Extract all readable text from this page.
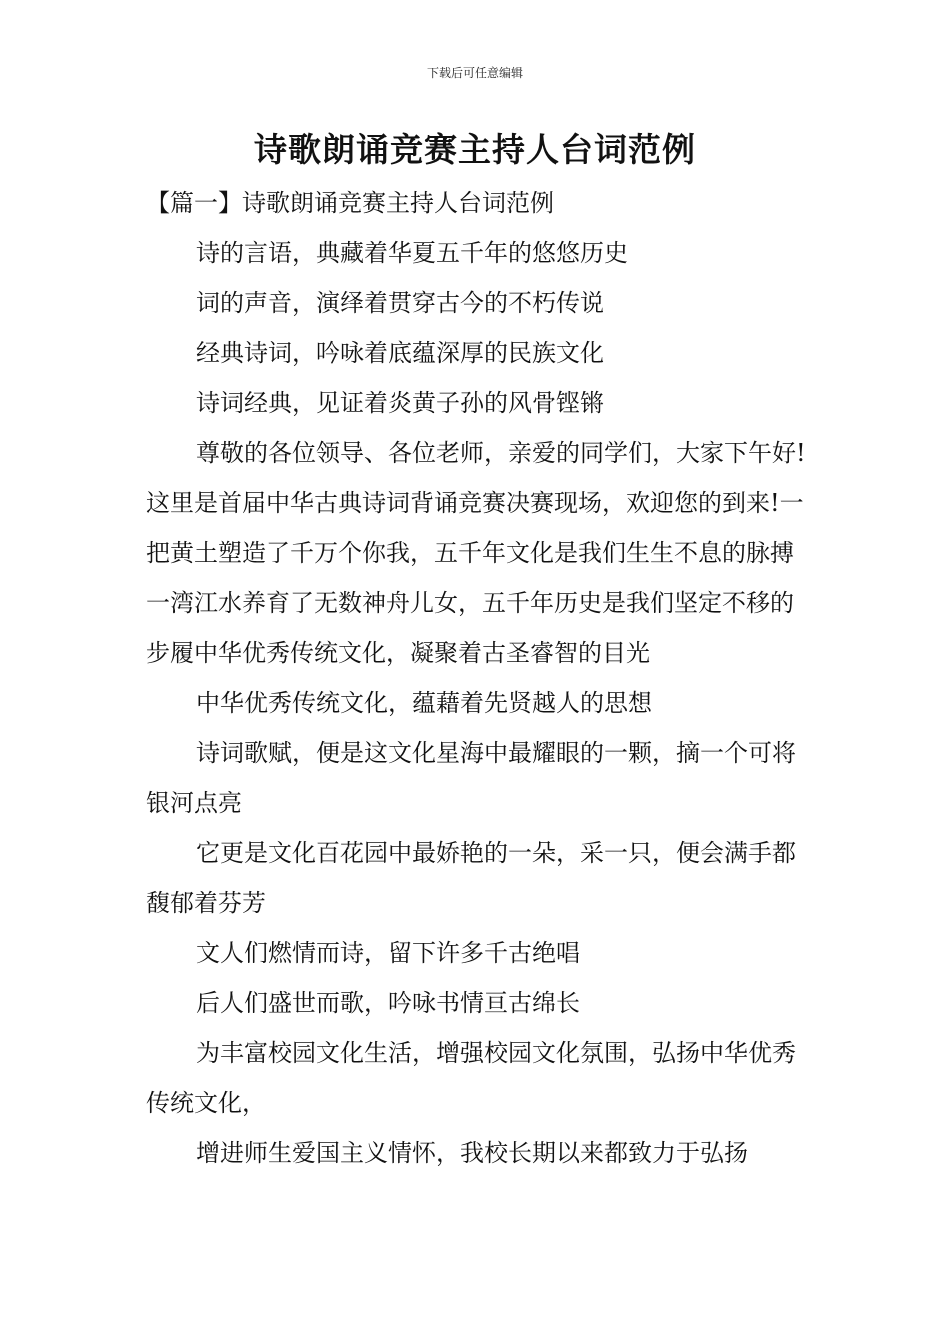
下载后可任意编辑
诗歌朗诵竞赛主持人台词范例

【篇一】诗歌朗诵竞赛主持人台词范例

诗的言语，典藏着华夏五千年的悠悠历史

词的声音，演绎着贯穿古今的不朽传说

经典诗词，吟咏着底蕴深厚的民族文化

诗词经典，见证着炎黄子孙的风骨铿锵

尊敬的各位领导、各位老师，亲爱的同学们，大家下午好!这里是首届中华古典诗词背诵竞赛决赛现场，欢迎您的到来!一把黄土塑造了千万个你我，五千年文化是我们生生不息的脉搏一湾江水养育了无数神舟儿女，五千年历史是我们坚定不移的步履中华优秀传统文化，凝聚着古圣睿智的目光

中华优秀传统文化，蕴藉着先贤越人的思想

诗词歌赋，便是这文化星海中最耀眼的一颗，摘一个可将银河点亮

它更是文化百花园中最娇艳的一朵，采一只，便会满手都馥郁着芬芳

文人们燃情而诗，留下许多千古绝唱

后人们盛世而歌，吟咏书情亘古绵长

为丰富校园文化生活，增强校园文化氛围，弘扬中华优秀传统文化，

增进师生爱国主义情怀，我校长期以来都致力于弘扬
